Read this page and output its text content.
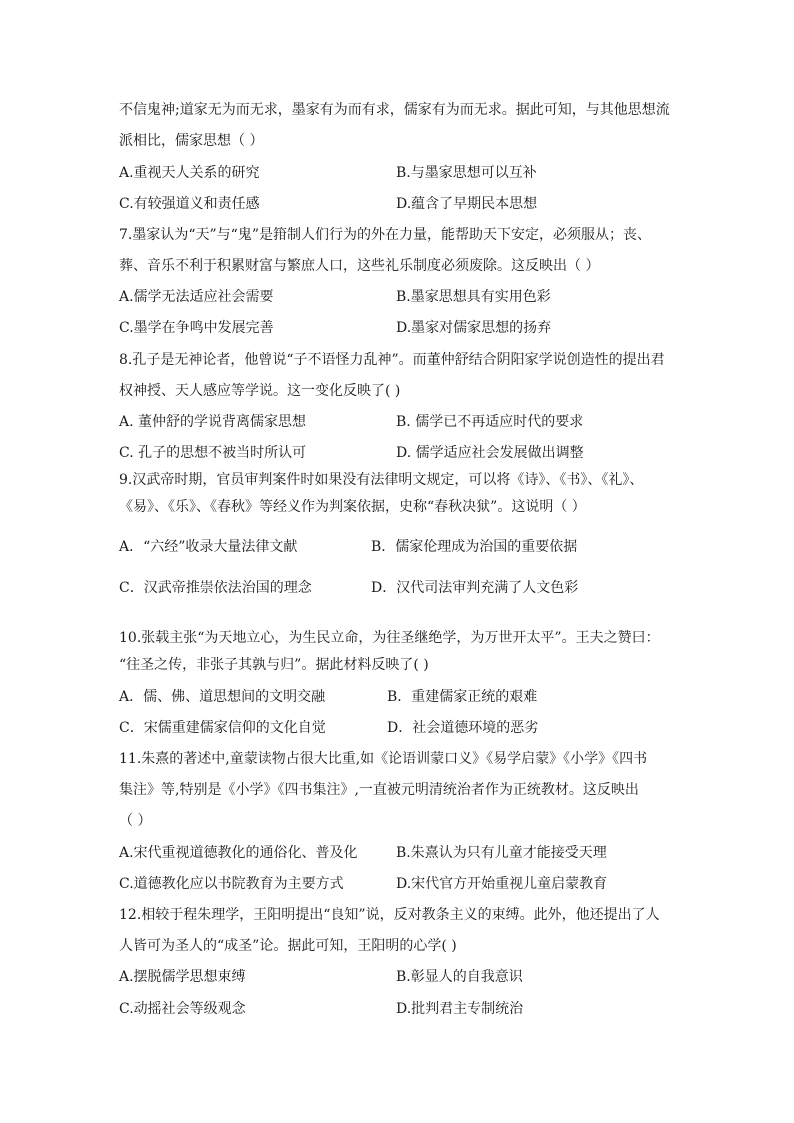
不信鬼神;道家无为而无求，墨家有为而有求，儒家有为而无求。据此可知，与其他思想流
派相比，儒家思想（ ）
A.重视天人关系的研究	B.与墨家思想可以互补
C.有较强道义和责任感	D.蕴含了早期民本思想
7.墨家认为“天”与“鬼”是箝制人们行为的外在力量，能帮助天下安定，必须服从；丧、
葬、音乐不利于积累财富与繁庶人口，这些礼乐制度必须废除。这反映出（ ）
A.儒学无法适应社会需要	B.墨家思想具有实用色彩
C.墨学在争鸣中发展完善	D.墨家对儒家思想的扬弃
8.孔子是无神论者，他曾说“子不语怪力乱神”。而董仲舒结合阴阳家学说创造性的提出君
权神授、天人感应等学说。这一变化反映了( )
A. 董仲舒的学说背离儒家思想	B. 儒学已不再适应时代的要求
C. 孔子的思想不被当时所认可	D. 儒学适应社会发展做出调整
9.汉武帝时期，官员审判案件时如果没有法律明文规定，可以将《诗》、《书》、《礼》、
《易》、《乐》、《春秋》等经义作为判案依据，史称“春秋决狱”。这说明（ ）
A．“六经”收录大量法律文献	B．儒家伦理成为治国的重要依据
C．汉武帝推崇依法治国的理念	D．汉代司法审判充满了人文色彩
10.张载主张“为天地立心，为生民立命，为往圣继绝学，为万世开太平”。王夫之赞曰：
“往圣之传，非张子其孰与归”。据此材料反映了( )
A．儒、佛、道思想间的文明交融	B．重建儒家正统的艰难
C．宋儒重建儒家信仰的文化自觉	D．社会道德环境的恶劣
11.朱熹的著述中,童蒙读物占很大比重,如《论语训蒙口义》《易学启蒙》《小学》《四书
集注》等,特别是《小学》《四书集注》,一直被元明清统治者作为正统教材。这反映出
（ ）
A.宋代重视道德教化的通俗化、普及化	B.朱熹认为只有儿童才能接受天理
C.道德教化应以书院教育为主要方式	D.宋代官方开始重视儿童启蒙教育
12.相较于程朱理学，王阳明提出“良知”说，反对教条主义的束缚。此外，他还提出了人
人皆可为圣人的“成圣”论。据此可知，王阳明的心学( )
A.摆脱儒学思想束缚	B.彰显人的自我意识
C.动摇社会等级观念	D.批判君主专制统治
